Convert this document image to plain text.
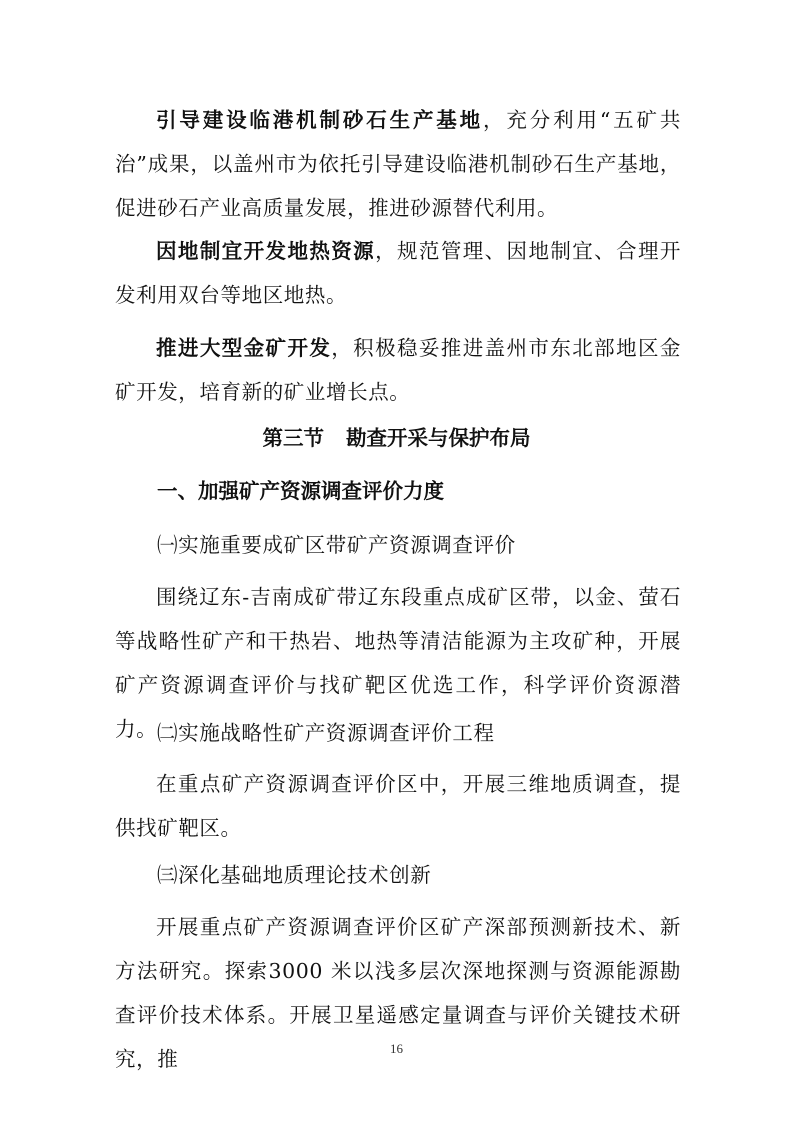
引导建设临港机制砂石生产基地，充分利用“五矿共治”成果，以盖州市为依托引导建设临港机制砂石生产基地，促进砂石产业高质量发展，推进砂源替代利用。

因地制宜开发地热资源，规范管理、因地制宜、合理开发利用双台等地区地热。

推进大型金矿开发，积极稳妥推进盖州市东北部地区金矿开发，培育新的矿业增长点。

第三节 勘查开采与保护布局
一、加强矿产资源调查评价力度

㈠实施重要成矿区带矿产资源调查评价

围绕辽东-吉南成矿带辽东段重点成矿区带，以金、萤石等战略性矿产和干热岩、地热等清洁能源为主攻矿种，开展矿产资源调查评价与找矿靶区优选工作，科学评价资源潜力。 ㈡实施战略性矿产资源调查评价工程

在重点矿产资源调查评价区中，开展三维地质调查，提供找矿靶区。

㈢深化基础地质理论技术创新

开展重点矿产资源调查评价区矿产深部预测新技术、新方法研究。探索3000 米以浅多层次深地探测与资源能源勘查评价技术体系。开展卫星遥感定量调查与评价关键技术研究，推	16
